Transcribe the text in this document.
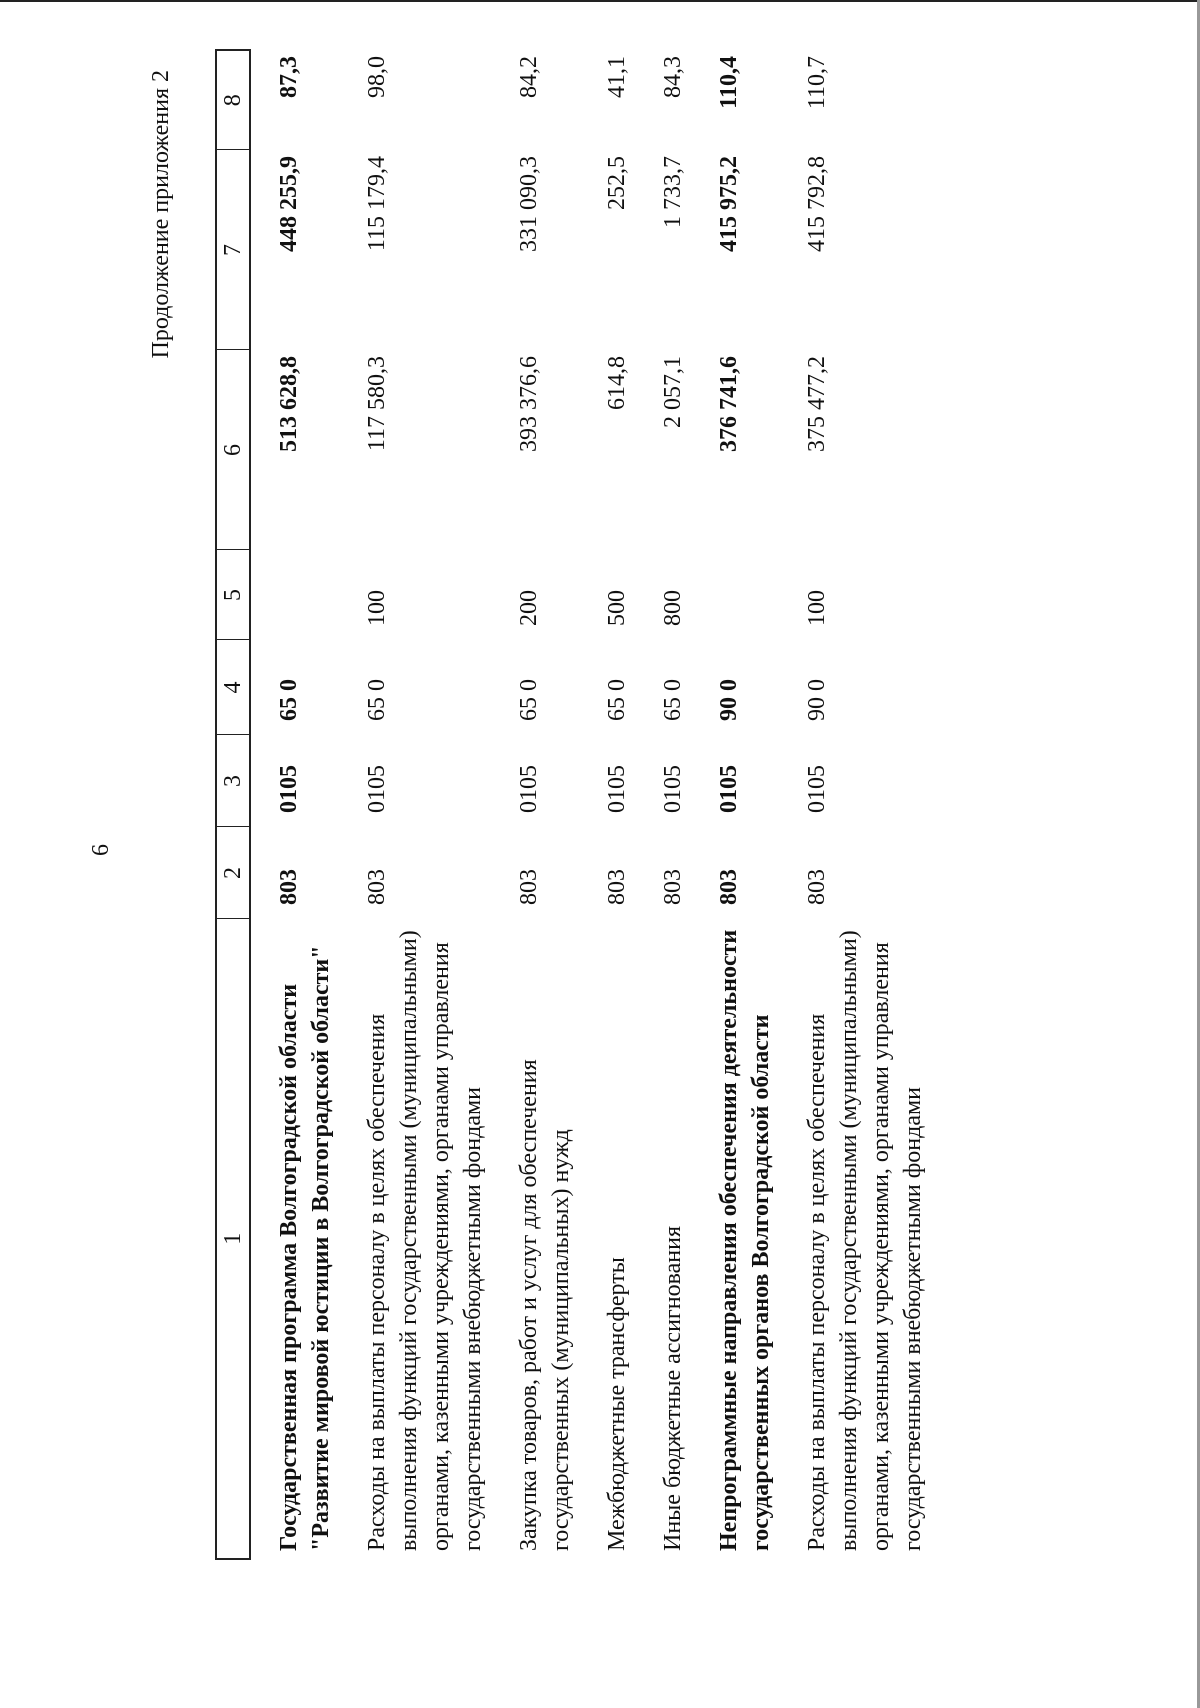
6
Продолжение приложения 2
1	2	3	4	5	6	7	8
Государственная программа Волгоградской области "Развитие мировой юстиции в Волгоградской области"	803	0105	65 0		513 628,8	448 255,9	87,3
Расходы на выплаты персоналу в целях обеспечения выполнения функций государственными (муниципальными) органами, казенными учреждениями, органами управления государственными внебюджетными фондами	803	0105	65 0	100	117 580,3	115 179,4	98,0
Закупка товаров, работ и услуг для обеспечения государственных (муниципальных) нужд	803	0105	65 0	200	393 376,6	331 090,3	84,2
Межбюджетные трансферты	803	0105	65 0	500	614,8	252,5	41,1
Иные бюджетные ассигнования	803	0105	65 0	800	2 057,1	1 733,7	84,3
Непрограммные направления обеспечения деятельности государственных органов Волгоградской области	803	0105	90 0		376 741,6	415 975,2	110,4
Расходы на выплаты персоналу в целях обеспечения выполнения функций государственными (муниципальными) органами, казенными учреждениями, органами управления государственными внебюджетными фондами	803	0105	90 0	100	375 477,2	415 792,8	110,7
